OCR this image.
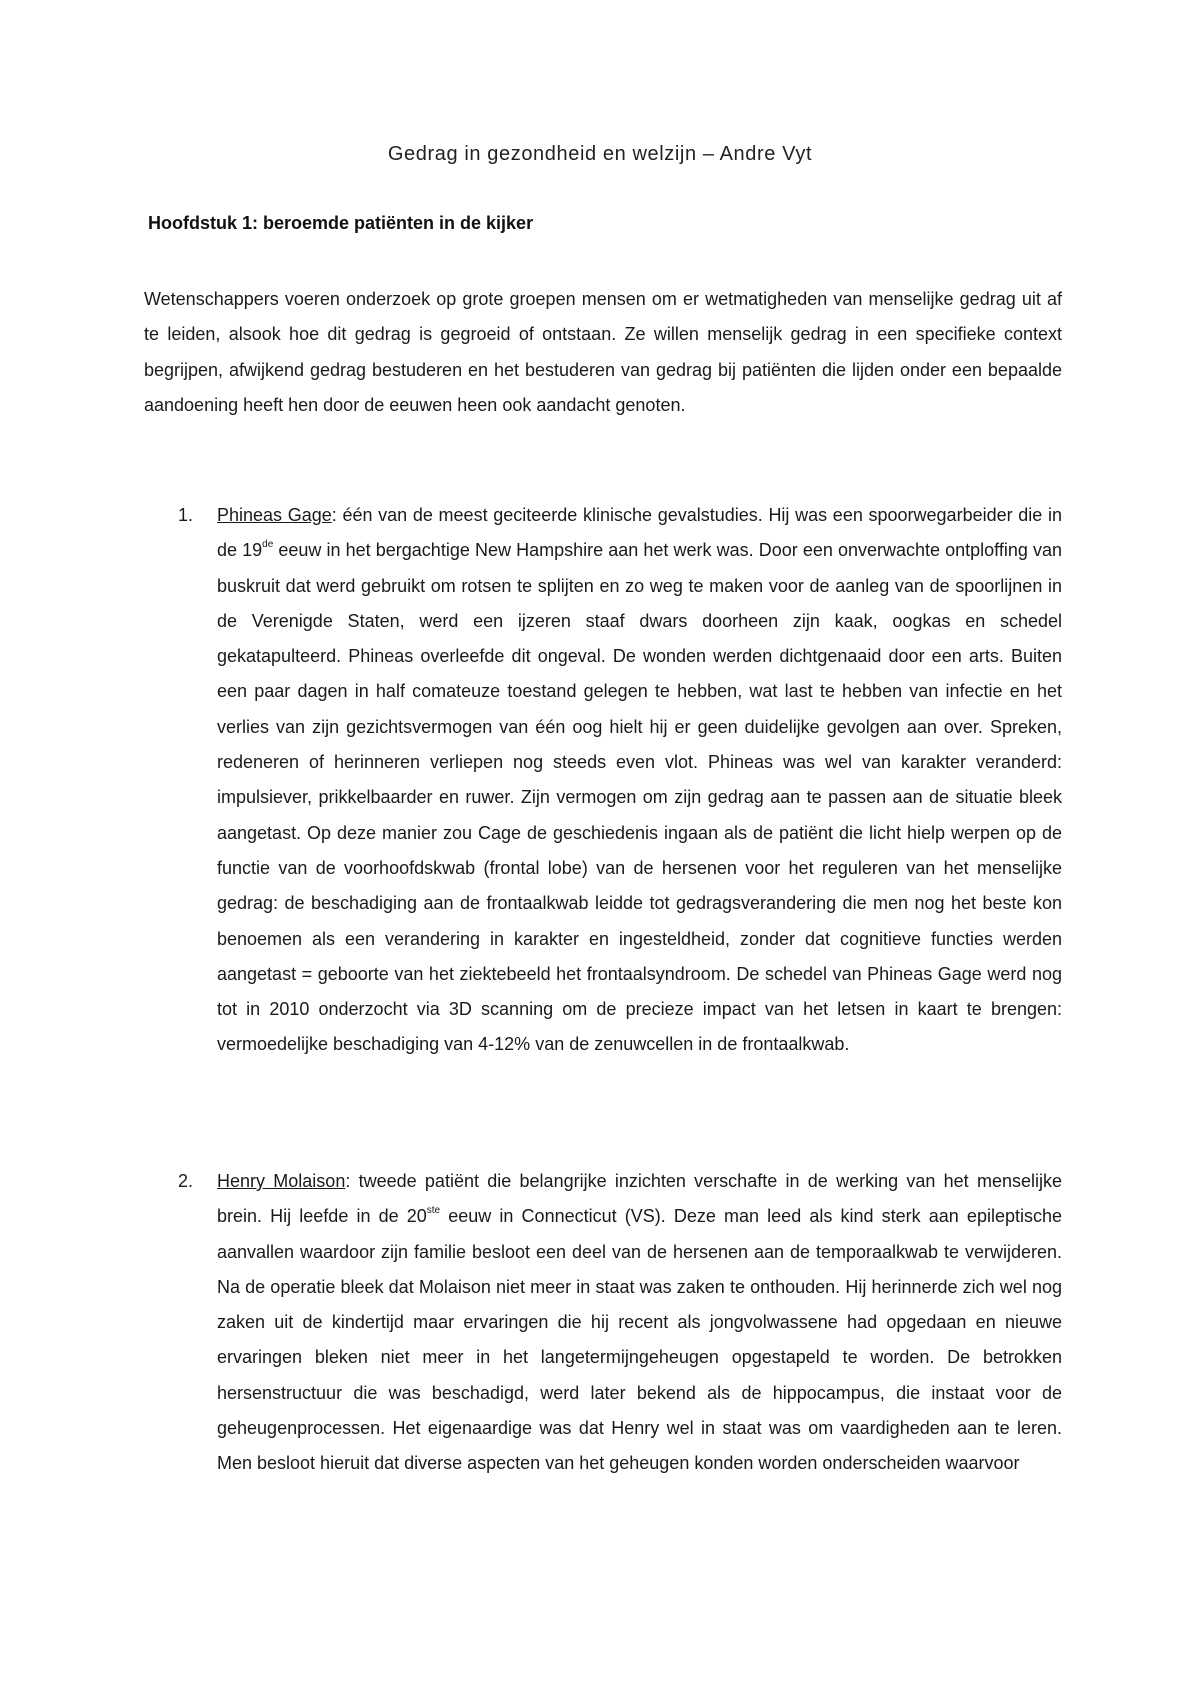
Gedrag in gezondheid en welzijn – Andre Vyt
Hoofdstuk 1: beroemde patiënten in de kijker

Wetenschappers voeren onderzoek op grote groepen mensen om er wetmatigheden van menselijke gedrag uit af te leiden, alsook hoe dit gedrag is gegroeid of ontstaan. Ze willen menselijk gedrag in een specifieke context begrijpen, afwijkend gedrag bestuderen en het bestuderen van gedrag bij patiënten die lijden onder een bepaalde aandoening heeft hen door de eeuwen heen ook aandacht genoten.

1. Phineas Gage: één van de meest geciteerde klinische gevalstudies. Hij was een spoorwegarbeider die in de 19de eeuw in het bergachtige New Hampshire aan het werk was. Door een onverwachte ontploffing van buskruit dat werd gebruikt om rotsen te splijten en zo weg te maken voor de aanleg van de spoorlijnen in de Verenigde Staten, werd een ijzeren staaf dwars doorheen zijn kaak, oogkas en schedel gekatapulteerd. Phineas overleefde dit ongeval. De wonden werden dichtgenaaid door een arts. Buiten een paar dagen in half comateuze toestand gelegen te hebben, wat last te hebben van infectie en het verlies van zijn gezichtsvermogen van één oog hielt hij er geen duidelijke gevolgen aan over. Spreken, redeneren of herinneren verliepen nog steeds even vlot. Phineas was wel van karakter veranderd: impulsiever, prikkelbaarder en ruwer. Zijn vermogen om zijn gedrag aan te passen aan de situatie bleek aangetast. Op deze manier zou Cage de geschiedenis ingaan als de patiënt die licht hielp werpen op de functie van de voorhoofdskwab (frontal lobe) van de hersenen voor het reguleren van het menselijke gedrag: de beschadiging aan de frontaalkwab leidde tot gedragsverandering die men nog het beste kon benoemen als een verandering in karakter en ingesteldheid, zonder dat cognitieve functies werden aangetast = geboorte van het ziektebeeld het frontaalsyndroom. De schedel van Phineas Gage werd nog tot in 2010 onderzocht via 3D scanning om de precieze impact van het letsen in kaart te brengen: vermoedelijke beschadiging van 4-12% van de zenuwcellen in de frontaalkwab.

2. Henry Molaison: tweede patiënt die belangrijke inzichten verschafte in de werking van het menselijke brein. Hij leefde in de 20ste eeuw in Connecticut (VS). Deze man leed als kind sterk aan epileptische aanvallen waardoor zijn familie besloot een deel van de hersenen aan de temporaalkwab te verwijderen. Na de operatie bleek dat Molaison niet meer in staat was zaken te onthouden. Hij herinnerde zich wel nog zaken uit de kindertijd maar ervaringen die hij recent als jongvolwassene had opgedaan en nieuwe ervaringen bleken niet meer in het langetermijngeheugen opgestapeld te worden. De betrokken hersenstructuur die was beschadigd, werd later bekend als de hippocampus, die instaat voor de geheugenprocessen. Het eigenaardige was dat Henry wel in staat was om vaardigheden aan te leren. Men besloot hieruit dat diverse aspecten van het geheugen konden worden onderscheiden waarvoor
